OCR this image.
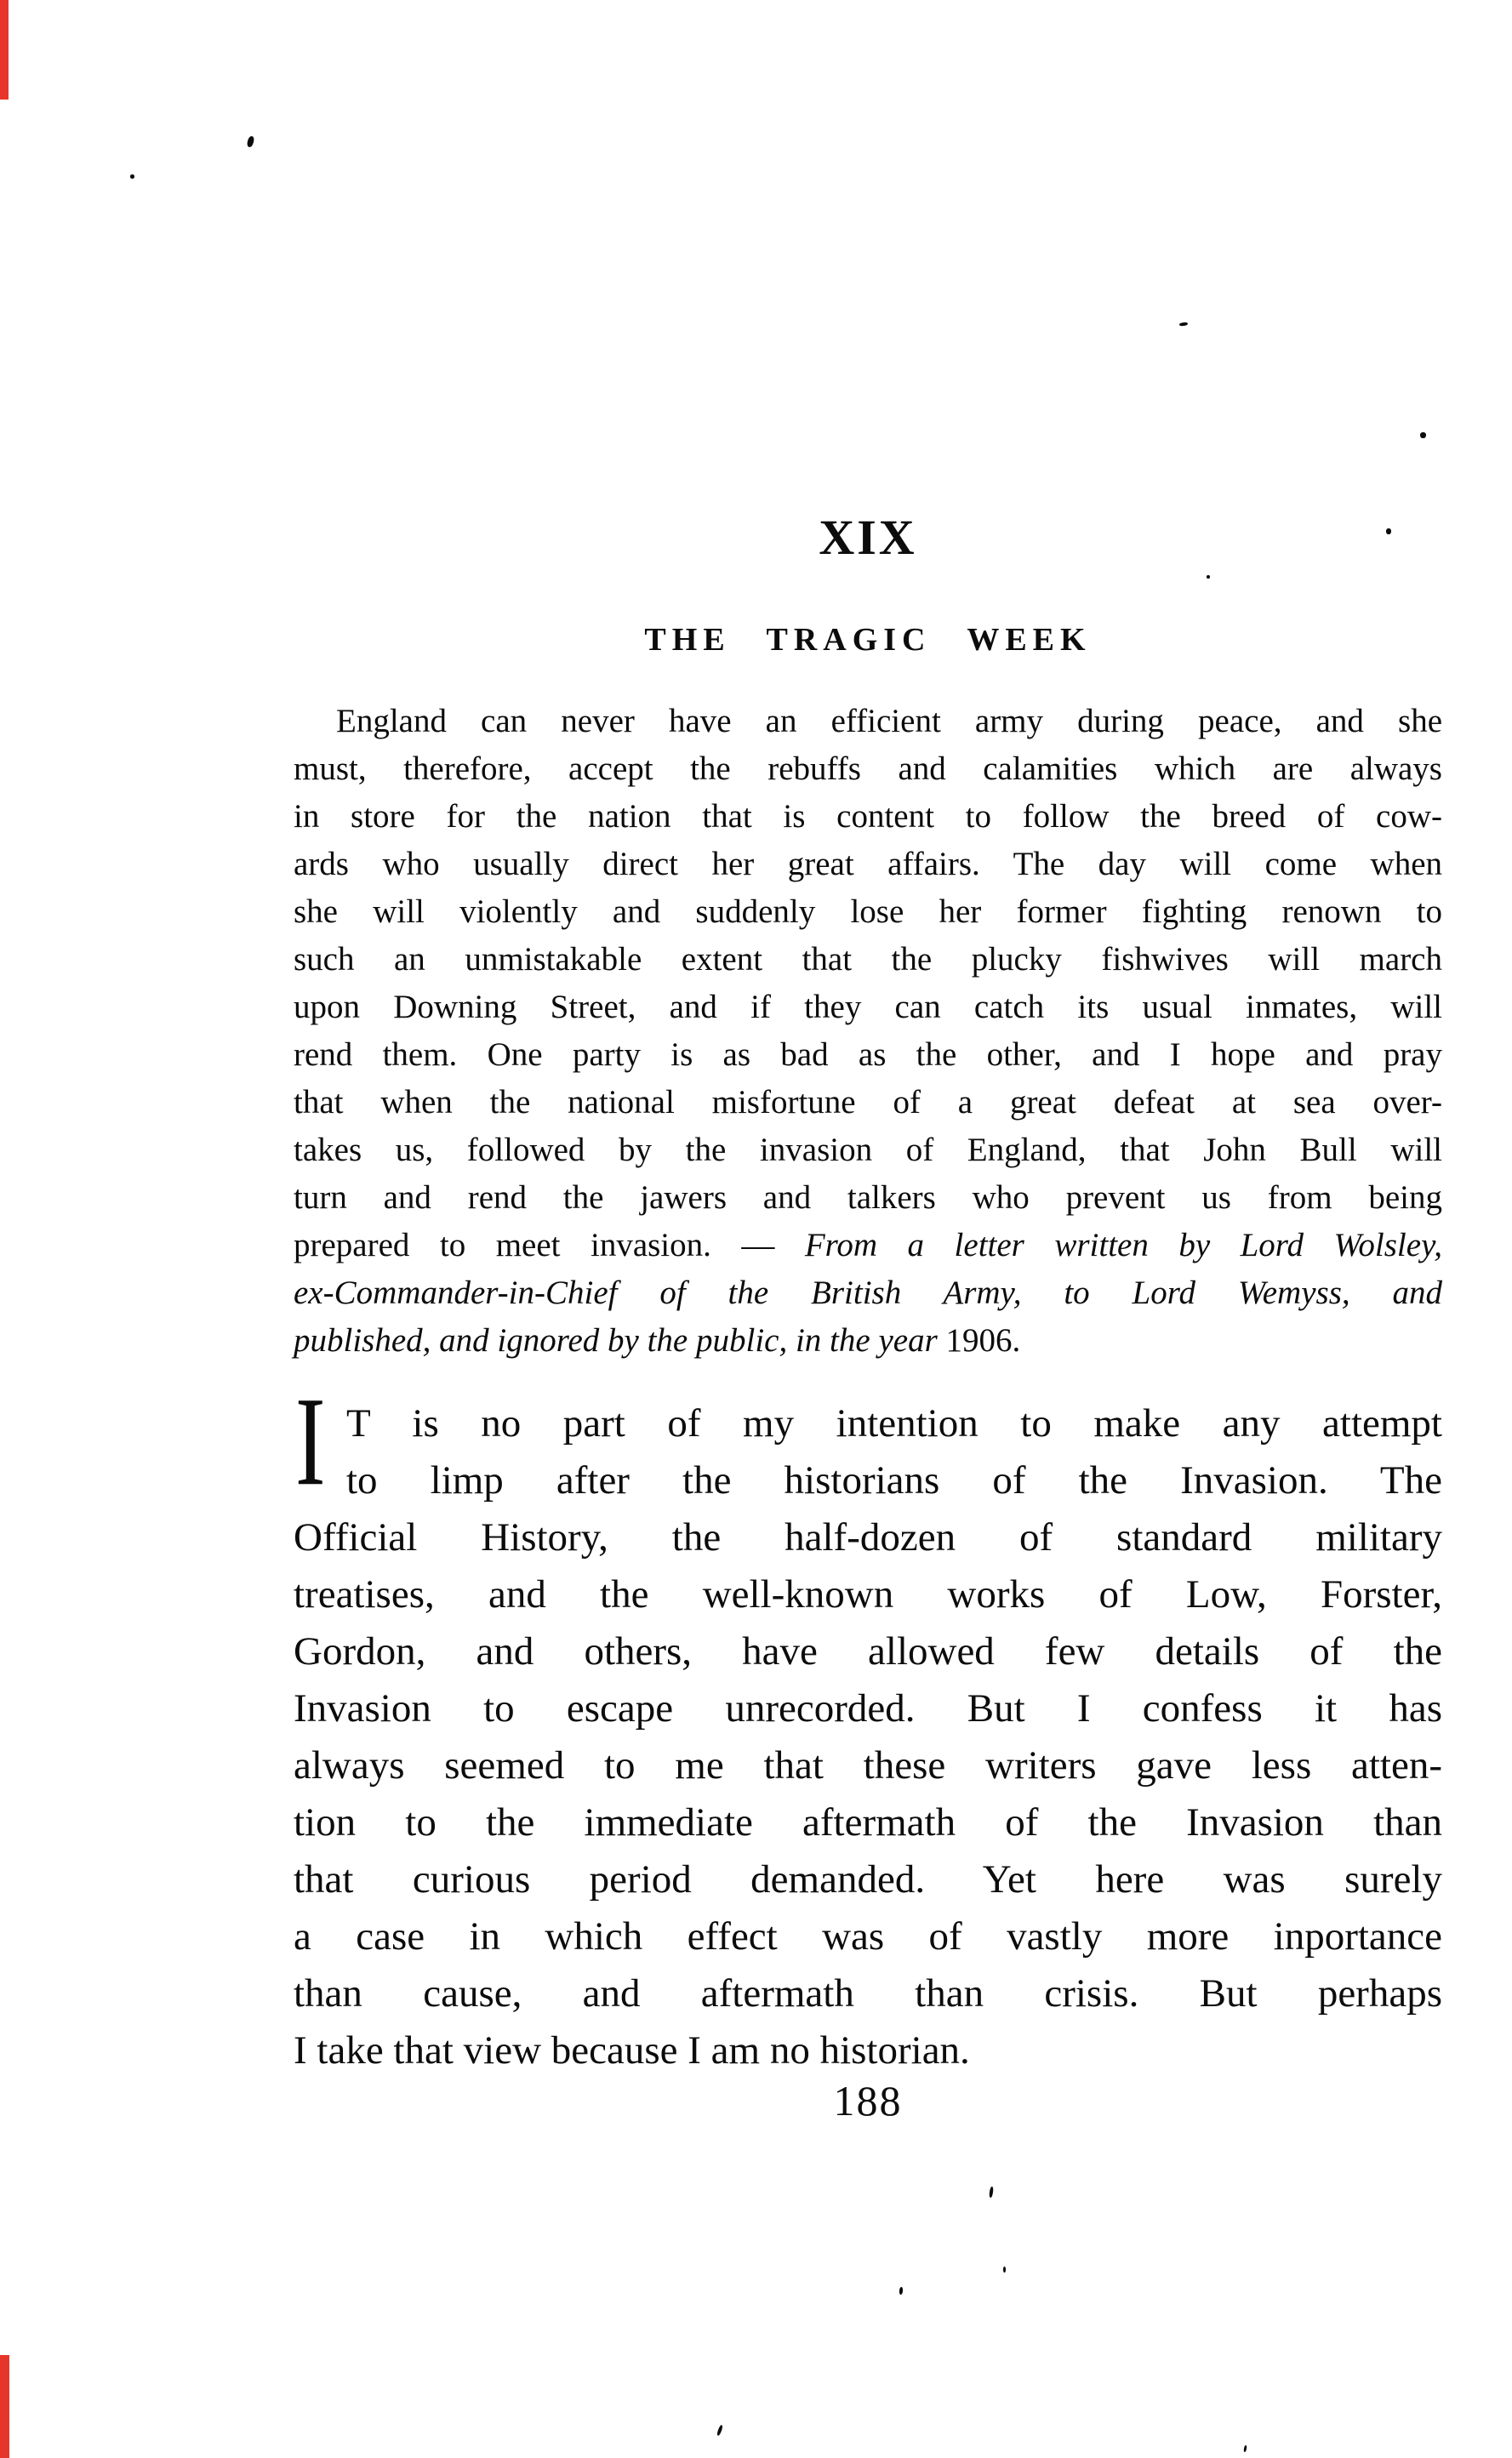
XIX
THE TRAGIC WEEK
England can never have an efficient army during peace, and she
must, therefore, accept the rebuffs and calamities which are always
in store for the nation that is content to follow the breed of cow-
ards who usually direct her great affairs. The day will come when
she will violently and suddenly lose her former fighting renown to
such an unmistakable extent that the plucky fishwives will march
upon Downing Street, and if they can catch its usual inmates, will
rend them. One party is as bad as the other, and I hope and pray
that when the national misfortune of a great defeat at sea over-
takes us, followed by the invasion of England, that John Bull will
turn and rend the jawers and talkers who prevent us from being
prepared to meet invasion. — From a letter written by Lord Wolsley,
ex-Commander-in-Chief of the British Army, to Lord Wemyss, and
published, and ignored by the public, in the year 1906.
I T is no part of my intention to make any attempt
to limp after the historians of the Invasion. The
Official History, the half-dozen of standard military
treatises, and the well-known works of Low, Forster,
Gordon, and others, have allowed few details of the
Invasion to escape unrecorded. But I confess it has
always seemed to me that these writers gave less atten-
tion to the immediate aftermath of the Invasion than
that curious period demanded. Yet here was surely
a case in which effect was of vastly more inportance
than cause, and aftermath than crisis. But perhaps
I take that view because I am no historian.
188
